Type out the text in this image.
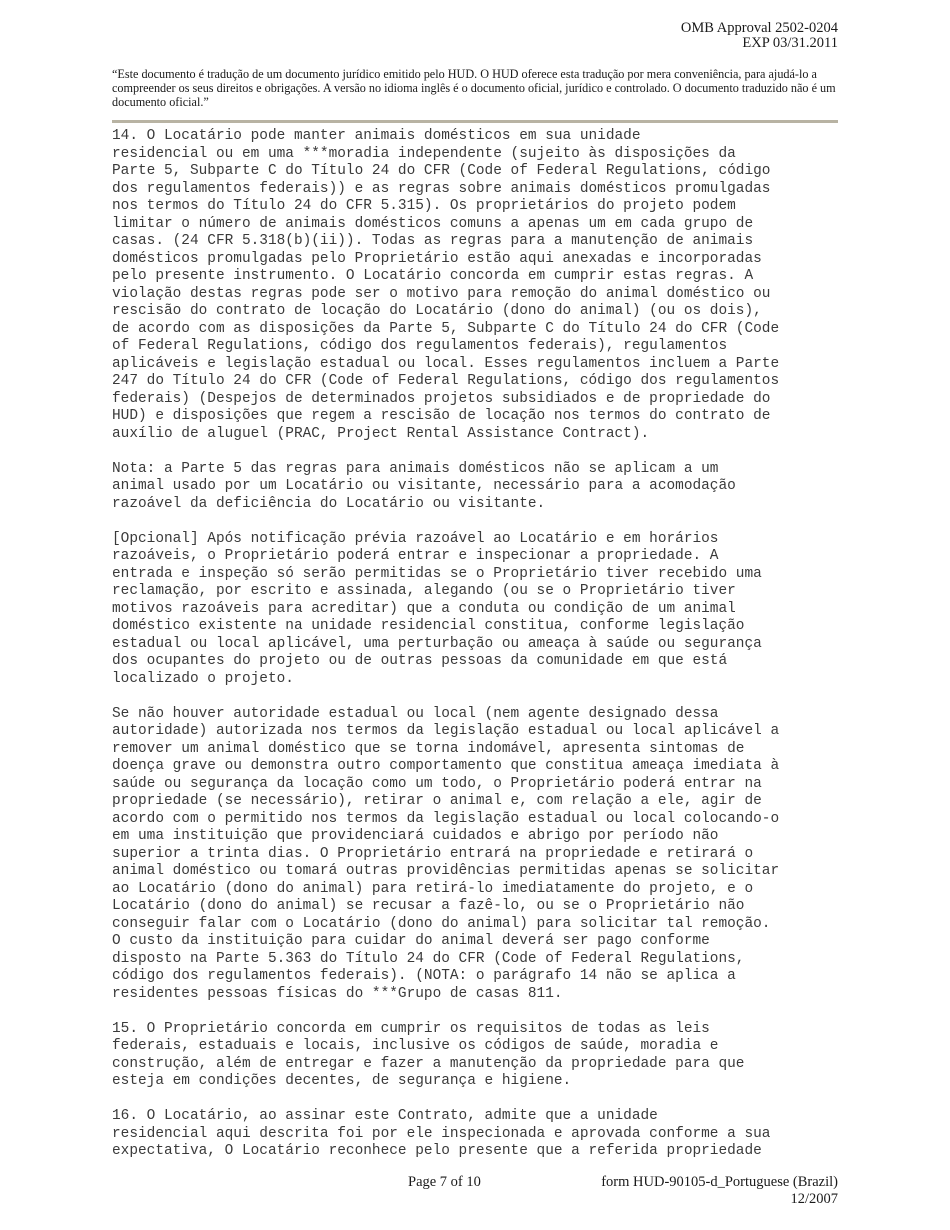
OMB Approval 2502-0204
EXP 03/31.2011
“Este documento é tradução de um documento jurídico emitido pelo HUD. O HUD oferece esta tradução por mera conveniência, para ajudá-lo a compreender os seus direitos e obrigações. A versão no idioma inglês é o documento oficial, jurídico e controlado. O documento traduzido não é um documento oficial.”

14. O Locatário pode manter animais domésticos em sua unidade
residencial ou em uma ***moradia independente (sujeito às disposições da
Parte 5, Subparte C do Título 24 do CFR (Code of Federal Regulations, código
dos regulamentos federais)) e as regras sobre animais domésticos promulgadas
nos termos do Título 24 do CFR 5.315). Os proprietários do projeto podem
limitar o número de animais domésticos comuns a apenas um em cada grupo de
casas. (24 CFR 5.318(b)(ii)). Todas as regras para a manutenção de animais
domésticos promulgadas pelo Proprietário estão aqui anexadas e incorporadas
pelo presente instrumento. O Locatário concorda em cumprir estas regras. A
violação destas regras pode ser o motivo para remoção do animal doméstico ou
rescisão do contrato de locação do Locatário (dono do animal) (ou os dois),
de acordo com as disposições da Parte 5, Subparte C do Título 24 do CFR (Code
of Federal Regulations, código dos regulamentos federais), regulamentos
aplicáveis e legislação estadual ou local. Esses regulamentos incluem a Parte
247 do Título 24 do CFR (Code of Federal Regulations, código dos regulamentos
federais) (Despejos de determinados projetos subsidiados e de propriedade do
HUD) e disposições que regem a rescisão de locação nos termos do contrato de
auxílio de aluguel (PRAC, Project Rental Assistance Contract).

Nota: a Parte 5 das regras para animais domésticos não se aplicam a um
animal usado por um Locatário ou visitante, necessário para a acomodação
razoável da deficiência do Locatário ou visitante.

[Opcional] Após notificação prévia razoável ao Locatário e em horários
razoáveis, o Proprietário poderá entrar e inspecionar a propriedade. A
entrada e inspeção só serão permitidas se o Proprietário tiver recebido uma
reclamação, por escrito e assinada, alegando (ou se o Proprietário tiver
motivos razoáveis para acreditar) que a conduta ou condição de um animal
doméstico existente na unidade residencial constitua, conforme legislação
estadual ou local aplicável, uma perturbação ou ameaça à saúde ou segurança
dos ocupantes do projeto ou de outras pessoas da comunidade em que está
localizado o projeto.

Se não houver autoridade estadual ou local (nem agente designado dessa
autoridade) autorizada nos termos da legislação estadual ou local aplicável a
remover um animal doméstico que se torna indomável, apresenta sintomas de
doença grave ou demonstra outro comportamento que constitua ameaça imediata à
saúde ou segurança da locação como um todo, o Proprietário poderá entrar na
propriedade (se necessário), retirar o animal e, com relação a ele, agir de
acordo com o permitido nos termos da legislação estadual ou local colocando-o
em uma instituição que providenciará cuidados e abrigo por período não
superior a trinta dias. O Proprietário entrará na propriedade e retirará o
animal doméstico ou tomará outras providências permitidas apenas se solicitar
ao Locatário (dono do animal) para retirá-lo imediatamente do projeto, e o
Locatário (dono do animal) se recusar a fazê-lo, ou se o Proprietário não
conseguir falar com o Locatário (dono do animal) para solicitar tal remoção.
O custo da instituição para cuidar do animal deverá ser pago conforme
disposto na Parte 5.363 do Título 24 do CFR (Code of Federal Regulations,
código dos regulamentos federais). (NOTA: o parágrafo 14 não se aplica a
residentes pessoas físicas do ***Grupo de casas 811.

15. O Proprietário concorda em cumprir os requisitos de todas as leis
federais, estaduais e locais, inclusive os códigos de saúde, moradia e
construção, além de entregar e fazer a manutenção da propriedade para que
esteja em condições decentes, de segurança e higiene.

16. O Locatário, ao assinar este Contrato, admite que a unidade
residencial aqui descrita foi por ele inspecionada e aprovada conforme a sua
expectativa, O Locatário reconhece pelo presente que a referida propriedade

Page 7 of 10	form HUD-90105-d_Portuguese (Brazil)
12/2007
